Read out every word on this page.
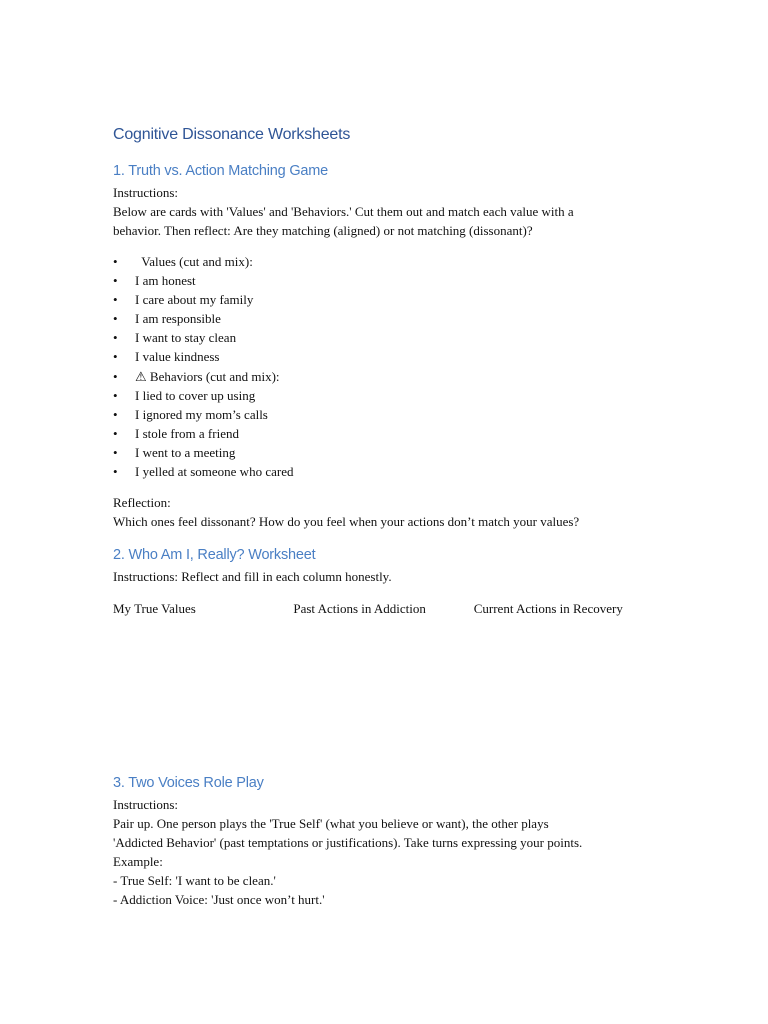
Cognitive Dissonance Worksheets
1. Truth vs. Action Matching Game
Instructions:
Below are cards with 'Values' and 'Behaviors.' Cut them out and match each value with a
behavior. Then reflect: Are they matching (aligned) or not matching (dissonant)?
• Values (cut and mix):
• I am honest
• I care about my family
• I am responsible
• I want to stay clean
• I value kindness
• ⚠ Behaviors (cut and mix):
• I lied to cover up using
• I ignored my mom’s calls
• I stole from a friend
• I went to a meeting
• I yelled at someone who cared
Reflection:
Which ones feel dissonant? How do you feel when your actions don’t match your values?
2. Who Am I, Really? Worksheet
Instructions: Reflect and fill in each column honestly.
My True Values	Past Actions in Addiction	Current Actions in Recovery
3. Two Voices Role Play
Instructions:
Pair up. One person plays the 'True Self' (what you believe or want), the other plays
'Addicted Behavior' (past temptations or justifications). Take turns expressing your points.
Example:
- True Self: 'I want to be clean.'
- Addiction Voice: 'Just once won’t hurt.'
